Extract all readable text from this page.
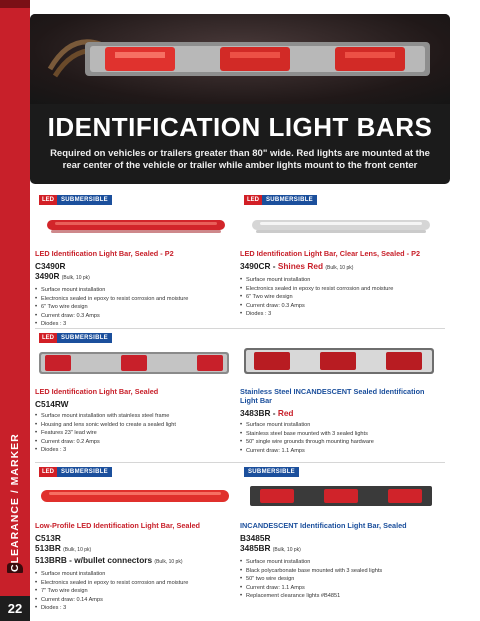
CLEARANCE / MARKER
22
IDENTIFICATION LIGHT BARS
Required on vehicles or trailers greater than 80" wide. Red lights are mounted at the rear center of the vehicle or trailer while amber lights mount to the front center
LED	SUBMERSIBLE
LED Identification Light Bar, Sealed - P2
C3490R
3490R (Bulk, 10 pk)
• Surface mount installation
• Electronics sealed in epoxy to resist corrosion and moisture
• 6" Two wire design
• Current draw: 0.3 Amps
• Diodes : 3
LED	SUBMERSIBLE
LED Identification Light Bar, Clear Lens, Sealed - P2
3490CR - Shines Red (Bulk, 10 pk)
• Surface mount installation
• Electronics sealed in epoxy to resist corrosion and moisture
• 6" Two wire design
• Current draw: 0.3 Amps
• Diodes : 3
LED	SUBMERSIBLE
LED Identification Light Bar, Sealed
C514RW
• Surface mount installation with stainless steel frame
• Housing and lens sonic welded to create a sealed light
• Features 23" lead wire
• Current draw: 0.2 Amps
• Diodes : 3
Stainless Steel INCANDESCENT Sealed Identification Light Bar
3483BR - Red
• Surface mount installation
• Stainless steel base mounted with 3 sealed lights
• 50" single wire grounds through mounting hardware
• Current draw: 1.1 Amps
LED	SUBMERSIBLE
Low-Profile LED Identification Light Bar, Sealed
C513R
513BR (Bulk, 10 pk)
513BRB - w/bullet connectors (Bulk, 10 pk)
• Surface mount installation
• Electronics sealed in epoxy to resist corrosion and moisture
• 7" Two wire design
• Current draw: 0.14 Amps
• Diodes : 3
SUBMERSIBLE
INCANDESCENT Identification Light Bar, Sealed
B3485R
3485BR (Bulk, 10 pk)
• Surface mount installation
• Black polycarbonate base mounted with 3 sealed lights
• 50" two wire design
• Current draw: 1.1 Amps
• Replacement clearance lights #B4851
